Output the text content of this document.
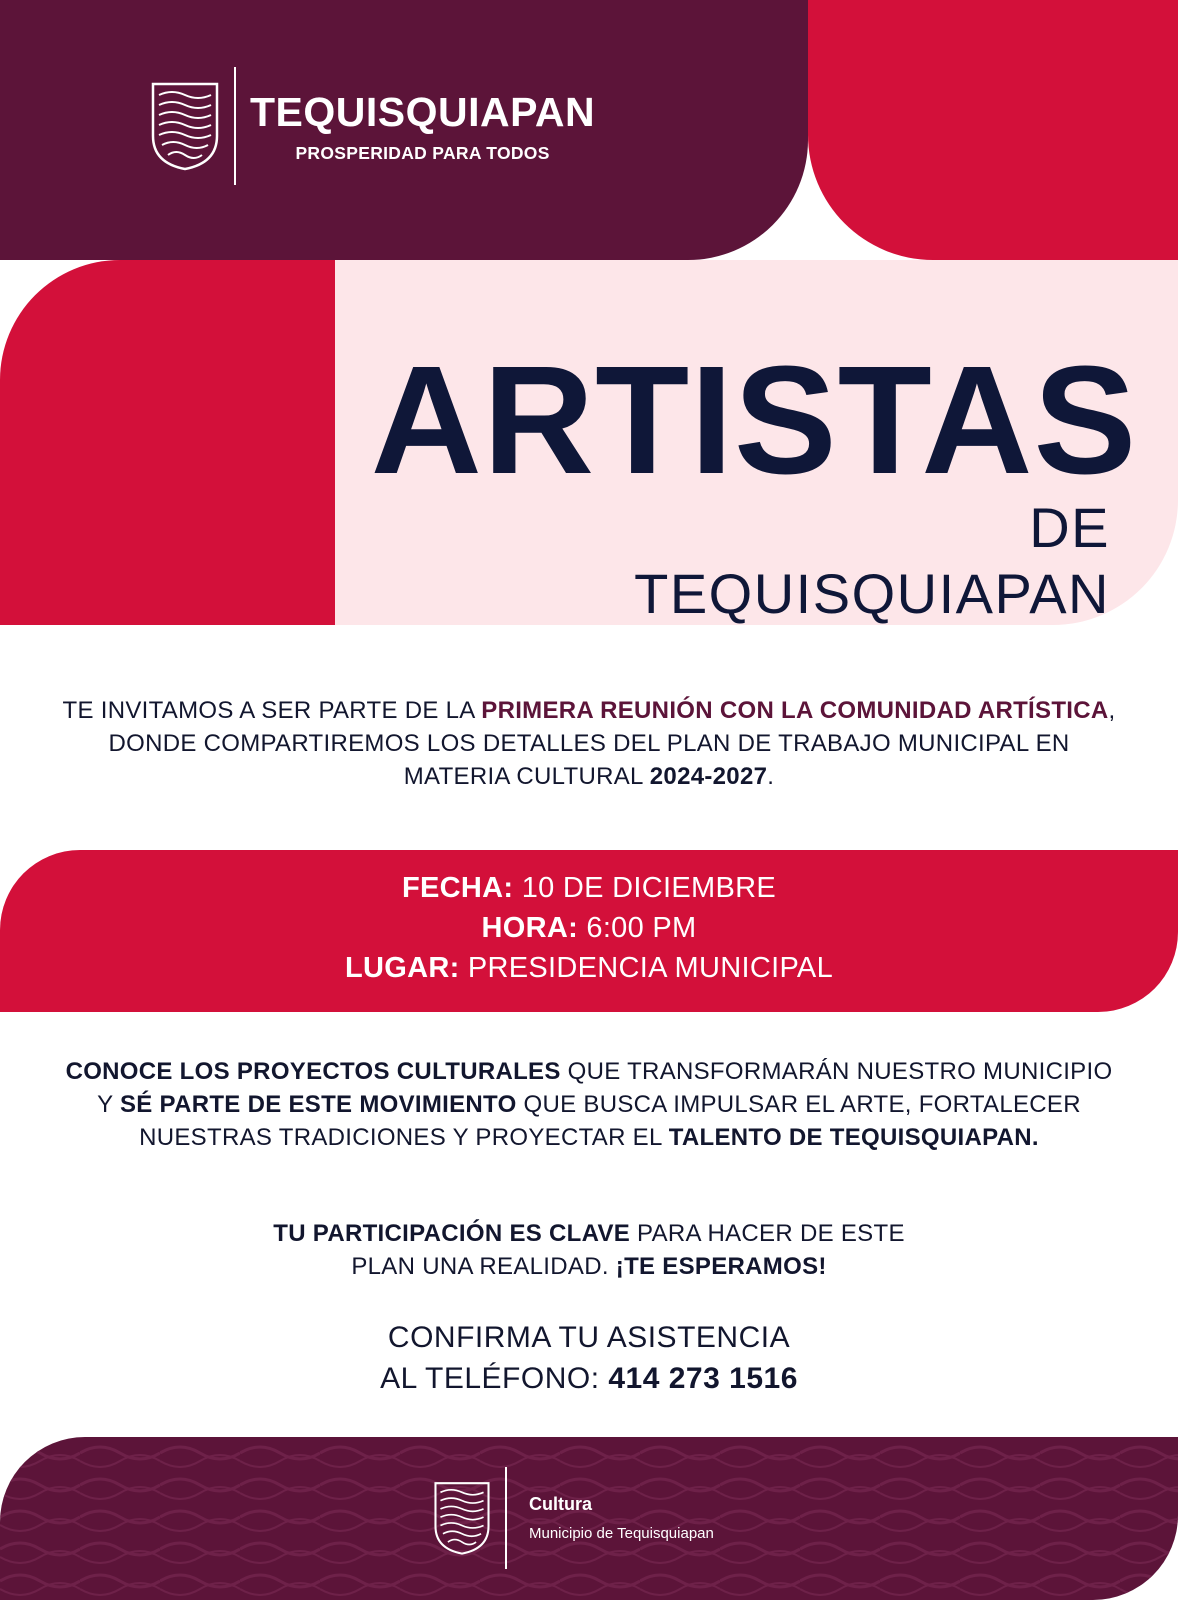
TEQUISQUIAPAN
PROSPERIDAD PARA TODOS
ARTISTAS
DE TEQUISQUIAPAN
TE INVITAMOS A SER PARTE DE LA PRIMERA REUNIÓN CON LA COMUNIDAD ARTÍSTICA, DONDE COMPARTIREMOS LOS DETALLES DEL PLAN DE TRABAJO MUNICIPAL EN MATERIA CULTURAL 2024-2027.
FECHA: 10 DE DICIEMBRE
HORA: 6:00 PM
LUGAR: PRESIDENCIA MUNICIPAL
CONOCE LOS PROYECTOS CULTURALES QUE TRANSFORMARÁN NUESTRO MUNICIPIO Y SÉ PARTE DE ESTE MOVIMIENTO QUE BUSCA IMPULSAR EL ARTE, FORTALECER NUESTRAS TRADICIONES Y PROYECTAR EL TALENTO DE TEQUISQUIAPAN.
TU PARTICIPACIÓN ES CLAVE PARA HACER DE ESTE
PLAN UNA REALIDAD. ¡TE ESPERAMOS!
CONFIRMA TU ASISTENCIA
AL TELÉFONO: 414 273 1516
Cultura
Municipio de Tequisquiapan
